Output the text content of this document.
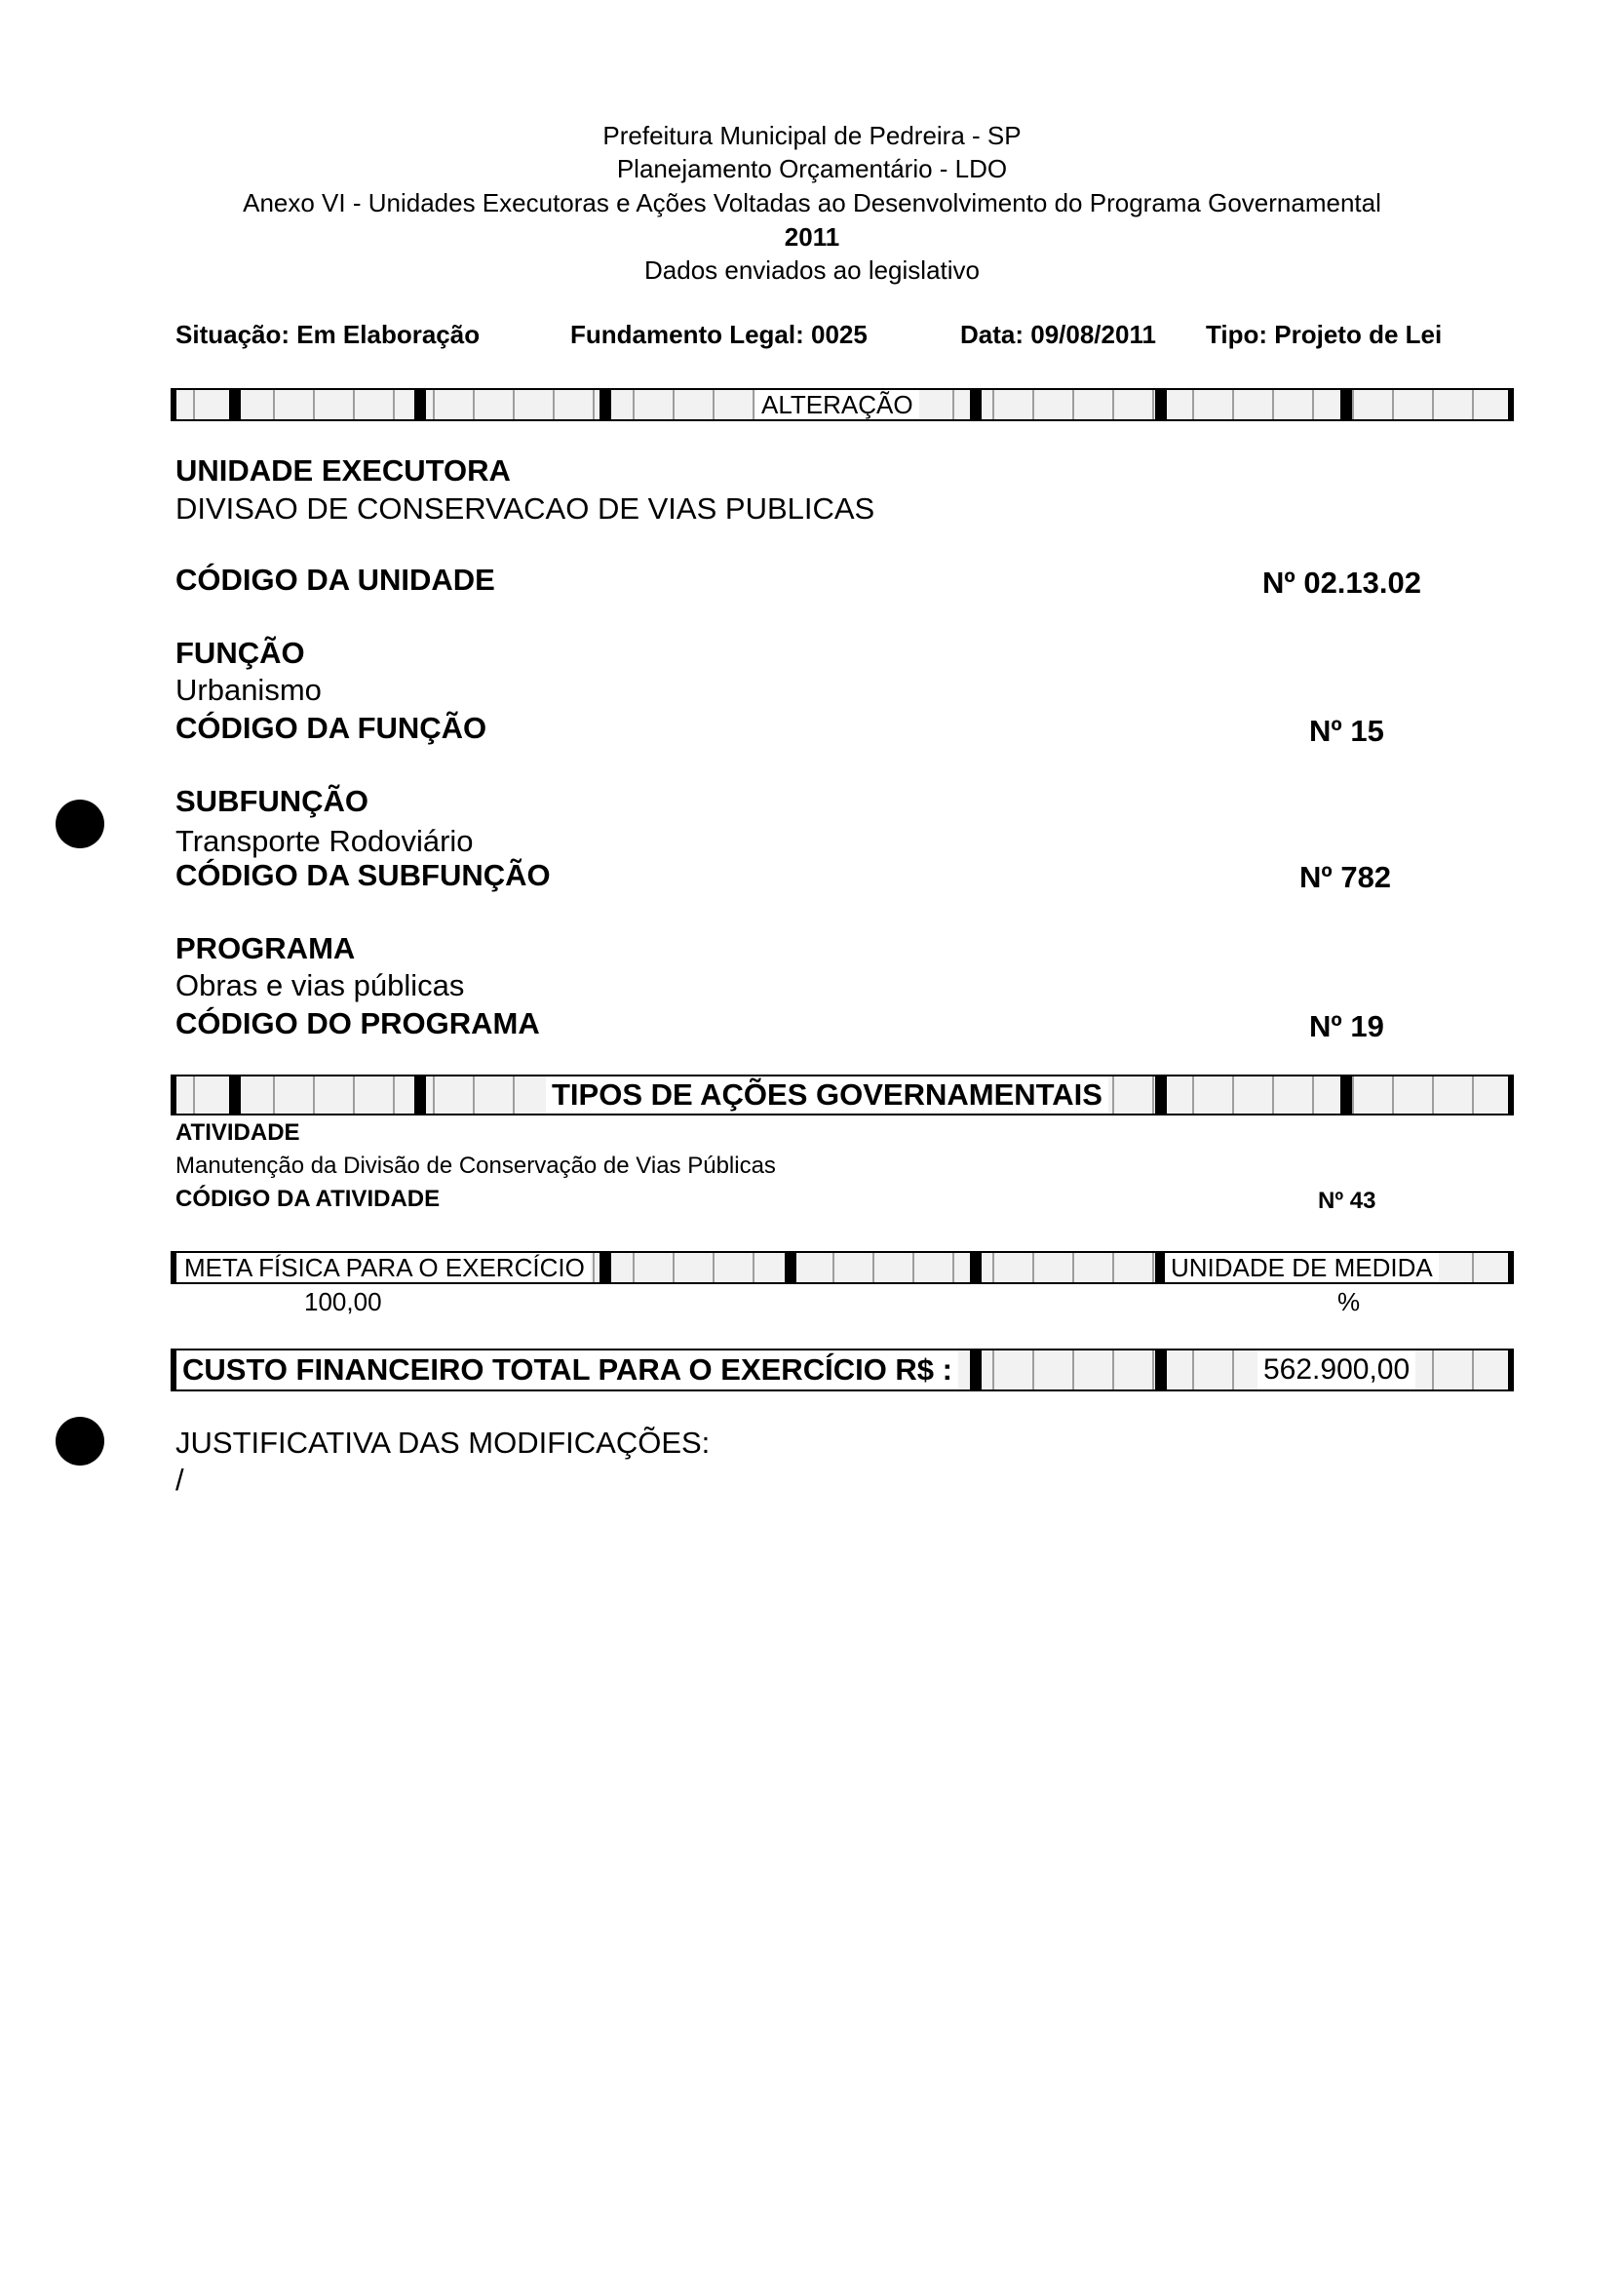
Prefeitura Municipal de Pedreira - SP
Planejamento Orçamentário - LDO
Anexo VI - Unidades Executoras e Ações Voltadas ao Desenvolvimento do Programa Governamental
2011
Dados enviados ao legislativo
Situação: Em Elaboração	Fundamento Legal: 0025	Data: 09/08/2011 Tipo: Projeto de Lei
ALTERAÇÃO
UNIDADE EXECUTORA
DIVISAO DE CONSERVACAO DE VIAS PUBLICAS
CÓDIGO DA UNIDADE	Nº 02.13.02
FUNÇÃO
Urbanismo
CÓDIGO DA FUNÇÃO	Nº 15
SUBFUNÇÃO
Transporte Rodoviário
CÓDIGO DA SUBFUNÇÃO	Nº 782
PROGRAMA
Obras e vias públicas
CÓDIGO DO PROGRAMA	Nº 19
TIPOS DE AÇÕES GOVERNAMENTAIS
ATIVIDADE
Manutenção da Divisão de Conservação de Vias Públicas
CÓDIGO DA ATIVIDADE	Nº 43
META FÍSICA PARA O EXERCÍCIO	UNIDADE DE MEDIDA
100,00	%
CUSTO FINANCEIRO TOTAL PARA O EXERCÍCIO R$ :	562.900,00
JUSTIFICATIVA DAS MODIFICAÇÕES:
/
